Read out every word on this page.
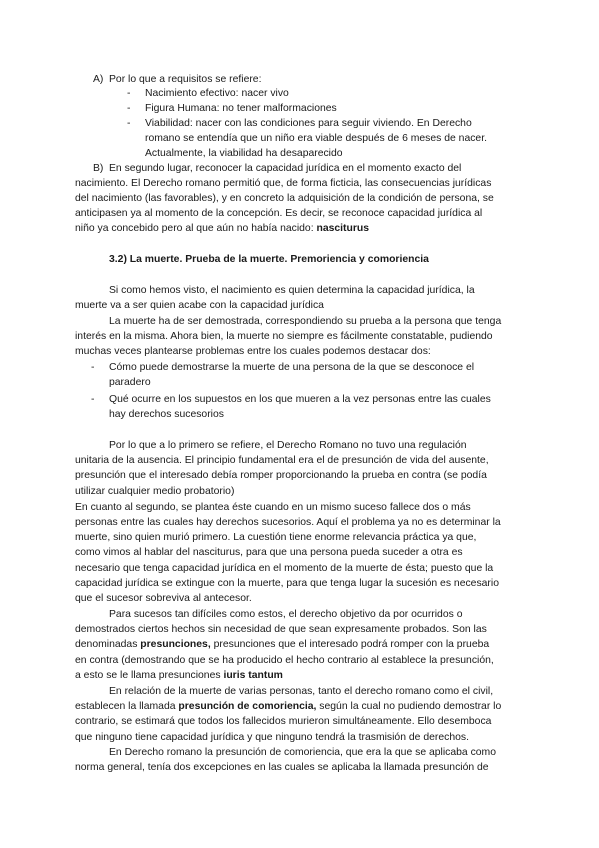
A) Por lo que a requisitos se refiere:
- Nacimiento efectivo: nacer vivo
- Figura Humana: no tener malformaciones
- Viabilidad: nacer con las condiciones para seguir viviendo. En Derecho
romano se entendía que un niño era viable después de 6 meses de nacer.
Actualmente, la viabilidad ha desaparecido
B) En segundo lugar, reconocer la capacidad jurídica en el momento exacto del
nacimiento. El Derecho romano permitió que, de forma ficticia, las consecuencias jurídicas
del nacimiento (las favorables), y en concreto la adquisición de la condición de persona, se
anticipasen ya al momento de la concepción. Es decir, se reconoce capacidad jurídica al
niño ya concebido pero al que aún no había nacido: nasciturus
3.2) La muerte. Prueba de la muerte. Premoriencia y comoriencia
Si como hemos visto, el nacimiento es quien determina la capacidad jurídica, la
muerte va a ser quien acabe con la capacidad jurídica
La muerte ha de ser demostrada, correspondiendo su prueba a la persona que tenga
interés en la misma. Ahora bien, la muerte no siempre es fácilmente constatable, pudiendo
muchas veces plantearse problemas entre los cuales podemos destacar dos:
- Cómo puede demostrarse la muerte de una persona de la que se desconoce el
paradero
- Qué ocurre en los supuestos en los que mueren a la vez personas entre las cuales
hay derechos sucesorios
Por lo que a lo primero se refiere, el Derecho Romano no tuvo una regulación
unitaria de la ausencia. El principio fundamental era el de presunción de vida del ausente,
presunción que el interesado debía romper proporcionando la prueba en contra (se podía
utilizar cualquier medio probatorio)
En cuanto al segundo, se plantea éste cuando en un mismo suceso fallece dos o más
personas entre las cuales hay derechos sucesorios. Aquí el problema ya no es determinar la
muerte, sino quien murió primero. La cuestión tiene enorme relevancia práctica ya que,
como vimos al hablar del nasciturus, para que una persona pueda suceder a otra es
necesario que tenga capacidad jurídica en el momento de la muerte de ésta; puesto que la
capacidad jurídica se extingue con la muerte, para que tenga lugar la sucesión es necesario
que el sucesor sobreviva al antecesor.
Para sucesos tan difíciles como estos, el derecho objetivo da por ocurridos o
demostrados ciertos hechos sin necesidad de que sean expresamente probados. Son las
denominadas presunciones, presunciones que el interesado podrá romper con la prueba
en contra (demostrando que se ha producido el hecho contrario al establece la presunción,
a esto se le llama presunciones iuris tantum
En relación de la muerte de varias personas, tanto el derecho romano como el civil,
establecen la llamada presunción de comoriencia, según la cual no pudiendo demostrar lo
contrario, se estimará que todos los fallecidos murieron simultáneamente. Ello desemboca
que ninguno tiene capacidad jurídica y que ninguno tendrá la trasmisión de derechos.
En Derecho romano la presunción de comoriencia, que era la que se aplicaba como
norma general, tenía dos excepciones en las cuales se aplicaba la llamada presunción de
